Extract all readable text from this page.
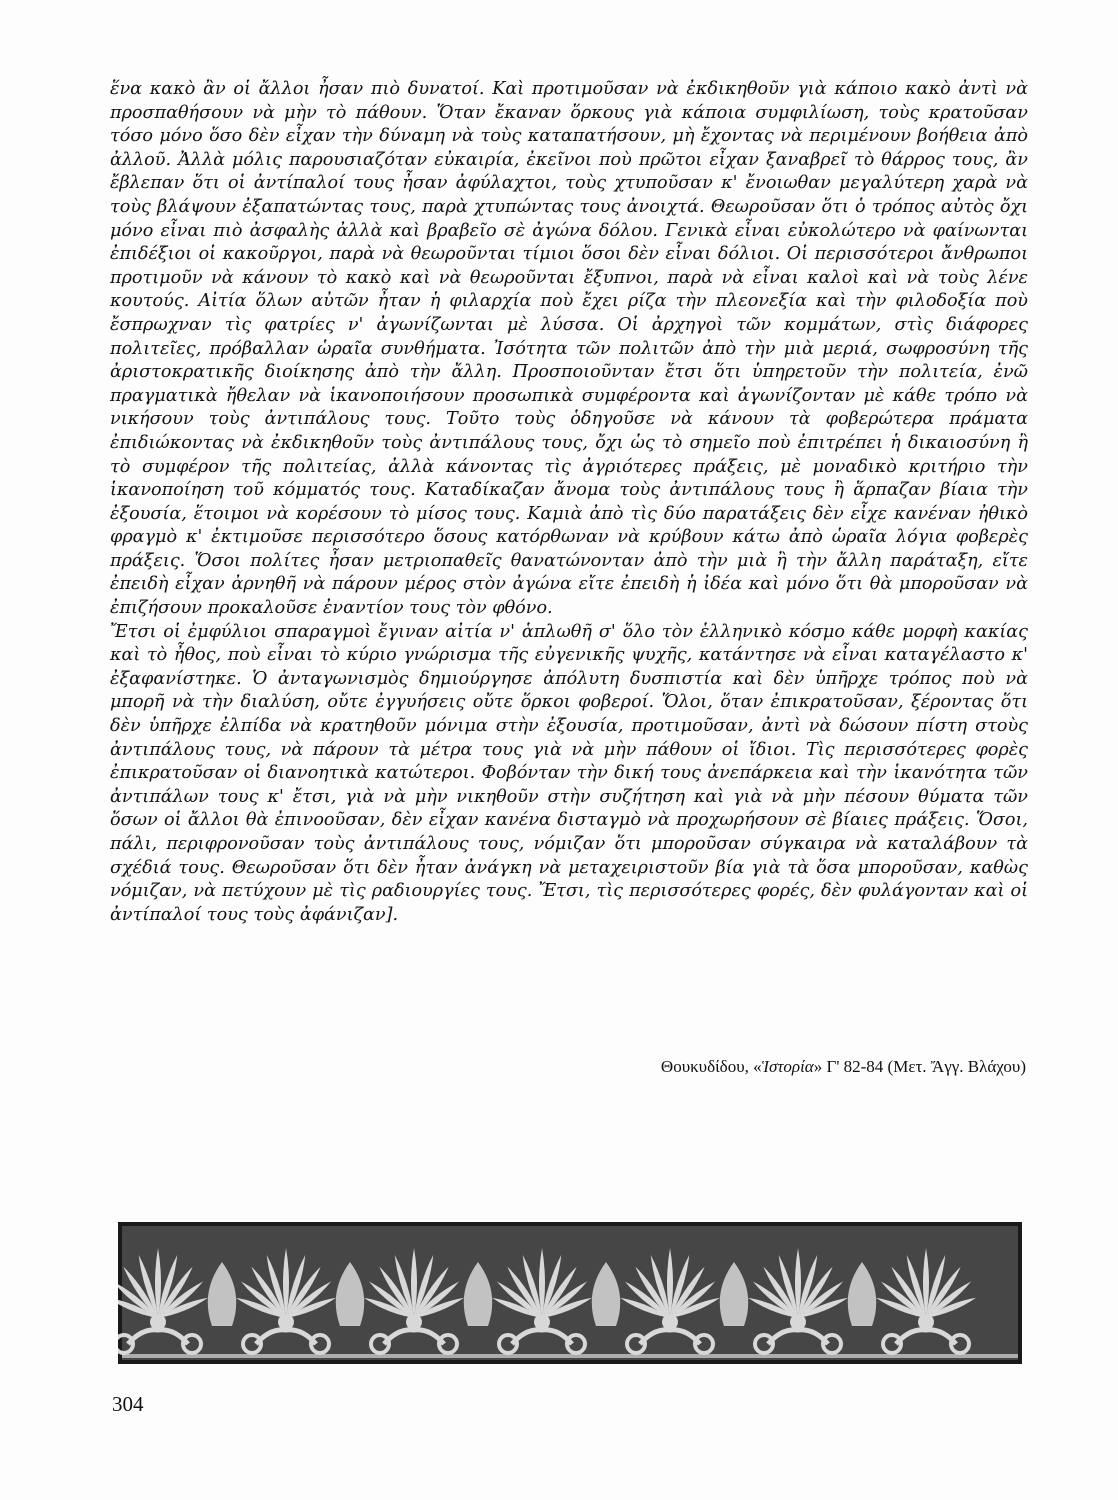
ἕνα κακὸ ἂν οἱ ἄλλοι ἦσαν πιὸ δυνατοί. Καὶ προτιμοῦσαν νὰ ἐκδικηθοῦν γιὰ κάποιο κακὸ ἀντὶ νὰ προσπαθήσουν νὰ μὴν τὸ πάθουν. Ὅταν ἔκαναν ὅρκους γιὰ κάποια συμφιλίωση, τοὺς κρατοῦσαν τόσο μόνο ὅσο δὲν εἶχαν τὴν δύναμη νὰ τοὺς καταπατήσουν, μὴ ἔχοντας νὰ περιμένουν βοήθεια ἀπὸ ἀλλοῦ. Ἀλλὰ μόλις παρουσιαζόταν εὐκαιρία, ἐκεῖνοι ποὺ πρῶτοι εἶχαν ξαναβρεῖ τὸ θάρρος τους, ἂν ἔβλεπαν ὅτι οἱ ἀντίπαλοί τους ἦσαν ἀφύλαχτοι, τοὺς χτυποῦσαν κ' ἔνοιωθαν μεγαλύτερη χαρὰ νὰ τοὺς βλάψουν ἐξαπατώντας τους, παρὰ χτυπώντας τους ἀνοιχτά. Θεωροῦσαν ὅτι ὁ τρόπος αὐτὸς ὄχι μόνο εἶναι πιὸ ἀσφαλὴς ἀλλὰ καὶ βραβεῖο σὲ ἀγώνα δόλου. Γενικὰ εἶναι εὐκολώτερο νὰ φαίνωνται ἐπιδέξιοι οἱ κακοῦργοι, παρὰ νὰ θεωροῦνται τίμιοι ὅσοι δὲν εἶναι δόλιοι. Οἱ περισσότεροι ἄνθρωποι προτιμοῦν νὰ κάνουν τὸ κακὸ καὶ νὰ θεωροῦνται ἔξυπνοι, παρὰ νὰ εἶναι καλοὶ καὶ νὰ τοὺς λένε κουτούς. Αἰτία ὅλων αὐτῶν ἦταν ἡ φιλαρχία ποὺ ἔχει ρίζα τὴν πλεονεξία καὶ τὴν φιλοδοξία ποὺ ἔσπρωχναν τὶς φατρίες ν' ἀγωνίζωνται μὲ λύσσα. Οἱ ἀρχηγοὶ τῶν κομμάτων, στὶς διάφορες πολιτεῖες, πρόβαλλαν ὡραῖα συνθήματα. Ἰσότητα τῶν πολιτῶν ἀπὸ τὴν μιὰ μεριά, σωφροσύνη τῆς ἀριστοκρατικῆς διοίκησης ἀπὸ τὴν ἄλλη. Προσποιοῦνταν ἔτσι ὅτι ὑπηρετοῦν τὴν πολιτεία, ἐνῶ πραγματικὰ ἤθελαν νὰ ἱκανοποιήσουν προσωπικὰ συμφέροντα καὶ ἀγωνίζονταν μὲ κάθε τρόπο νὰ νικήσουν τοὺς ἀντιπάλους τους. Τοῦτο τοὺς ὁδηγοῦσε νὰ κάνουν τὰ φοβερώτερα πράματα ἐπιδιώκοντας νὰ ἐκδικηθοῦν τοὺς ἀντιπάλους τους, ὄχι ὡς τὸ σημεῖο ποὺ ἐπιτρέπει ἡ δικαιοσύνη ἢ τὸ συμφέρον τῆς πολιτείας, ἀλλὰ κάνοντας τὶς ἀγριότερες πράξεις, μὲ μοναδικὸ κριτήριο τὴν ἱκανοποίηση τοῦ κόμματός τους. Καταδίκαζαν ἄνομα τοὺς ἀντιπάλους τους ἢ ἅρπαζαν βίαια τὴν ἐξουσία, ἕτοιμοι νὰ κορέσουν τὸ μίσος τους. Καμιὰ ἀπὸ τὶς δύο παρατάξεις δὲν εἶχε κανέναν ἠθικὸ φραγμὸ κ' ἐκτιμοῦσε περισσότερο ὅσους κατόρθωναν νὰ κρύβουν κάτω ἀπὸ ὡραῖα λόγια φοβερὲς πράξεις. Ὅσοι πολίτες ἦσαν μετριοπαθεῖς θανατώνονταν ἀπὸ τὴν μιὰ ἢ τὴν ἄλλη παράταξη, εἴτε ἐπειδὴ εἶχαν ἀρνηθῆ νὰ πάρουν μέρος στὸν ἀγώνα εἴτε ἐπειδὴ ἡ ἰδέα καὶ μόνο ὅτι θὰ μποροῦσαν νὰ ἐπιζήσουν προκαλοῦσε ἐναντίον τους τὸν φθόνο.

Ἔτσι οἱ ἐμφύλιοι σπαραγμοὶ ἔγιναν αἰτία ν' ἁπλωθῆ σ' ὅλο τὸν ἑλληνικὸ κόσμο κάθε μορφὴ κακίας καὶ τὸ ἦθος, ποὺ εἶναι τὸ κύριο γνώρισμα τῆς εὐγενικῆς ψυχῆς, κατάντησε νὰ εἶναι καταγέλαστο κ' ἐξαφανίστηκε. Ὁ ἀνταγωνισμὸς δημιούργησε ἀπόλυτη δυσπιστία καὶ δὲν ὑπῆρχε τρόπος ποὺ νὰ μπορῆ νὰ τὴν διαλύση, οὔτε ἐγγυήσεις οὔτε ὅρκοι φοβεροί. Ὅλοι, ὅταν ἐπικρατοῦσαν, ξέροντας ὅτι δὲν ὑπῆρχε ἐλπίδα νὰ κρατηθοῦν μόνιμα στὴν ἐξουσία, προτιμοῦσαν, ἀντὶ νὰ δώσουν πίστη στοὺς ἀντιπάλους τους, νὰ πάρουν τὰ μέτρα τους γιὰ νὰ μὴν πάθουν οἱ ἴδιοι. Τὶς περισσότερες φορὲς ἐπικρατοῦσαν οἱ διανοητικὰ κατώτεροι. Φοβόνταν τὴν δική τους ἀνεπάρκεια καὶ τὴν ἱκανότητα τῶν ἀντιπάλων τους κ' ἔτσι, γιὰ νὰ μὴν νικηθοῦν στὴν συζήτηση καὶ γιὰ νὰ μὴν πέσουν θύματα τῶν ὅσων οἱ ἄλλοι θὰ ἐπινοοῦσαν, δὲν εἶχαν κανένα δισταγμὸ νὰ προχωρήσουν σὲ βίαιες πράξεις. Ὅσοι, πάλι, περιφρονοῦσαν τοὺς ἀντιπάλους τους, νόμιζαν ὅτι μποροῦσαν σύγκαιρα νὰ καταλάβουν τὰ σχέδιά τους. Θεωροῦσαν ὅτι δὲν ἦταν ἀνάγκη νὰ μεταχειριστοῦν βία γιὰ τὰ ὅσα μποροῦσαν, καθὼς νόμιζαν, νὰ πετύχουν μὲ τὶς ραδιουργίες τους. Ἔτσι, τὶς περισσότερες φορές, δὲν φυλάγονταν καὶ οἱ ἀντίπαλοί τους τοὺς ἀφάνιζαν].

Θουκυδίδου, «Ἱστορία» Γ' 82-84 (Μετ. Ἄγγ. Βλάχου)
304
